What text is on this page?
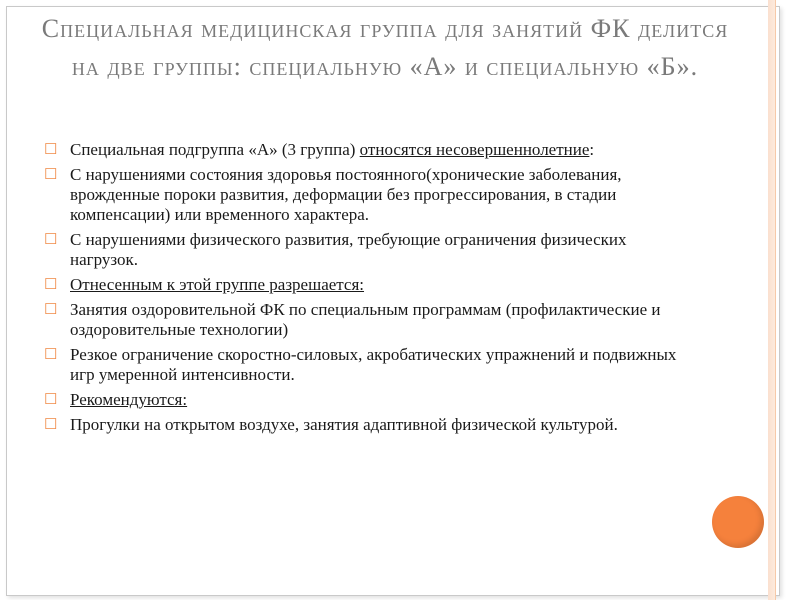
Специальная медицинская группа для занятий ФК делится на две группы: специальную «А» и специальную «Б».
☐ Специальная подгруппа «А» (3 группа) относятся несовершеннолетние:
☐ С нарушениями состояния здоровья постоянного(хронические заболевания, врожденные пороки развития, деформации без прогрессирования, в стадии компенсации) или временного характера.
☐ С нарушениями физического развития, требующие ограничения физических нагрузок.
☐ Отнесенным к этой группе разрешается:
☐ Занятия оздоровительной ФК по специальным программам (профилактические и оздоровительные технологии)
☐ Резкое ограничение скоростно-силовых, акробатических упражнений и подвижных игр умеренной интенсивности.
☐ Рекомендуются:
☐ Прогулки на открытом воздухе, занятия адаптивной физической культурой.
